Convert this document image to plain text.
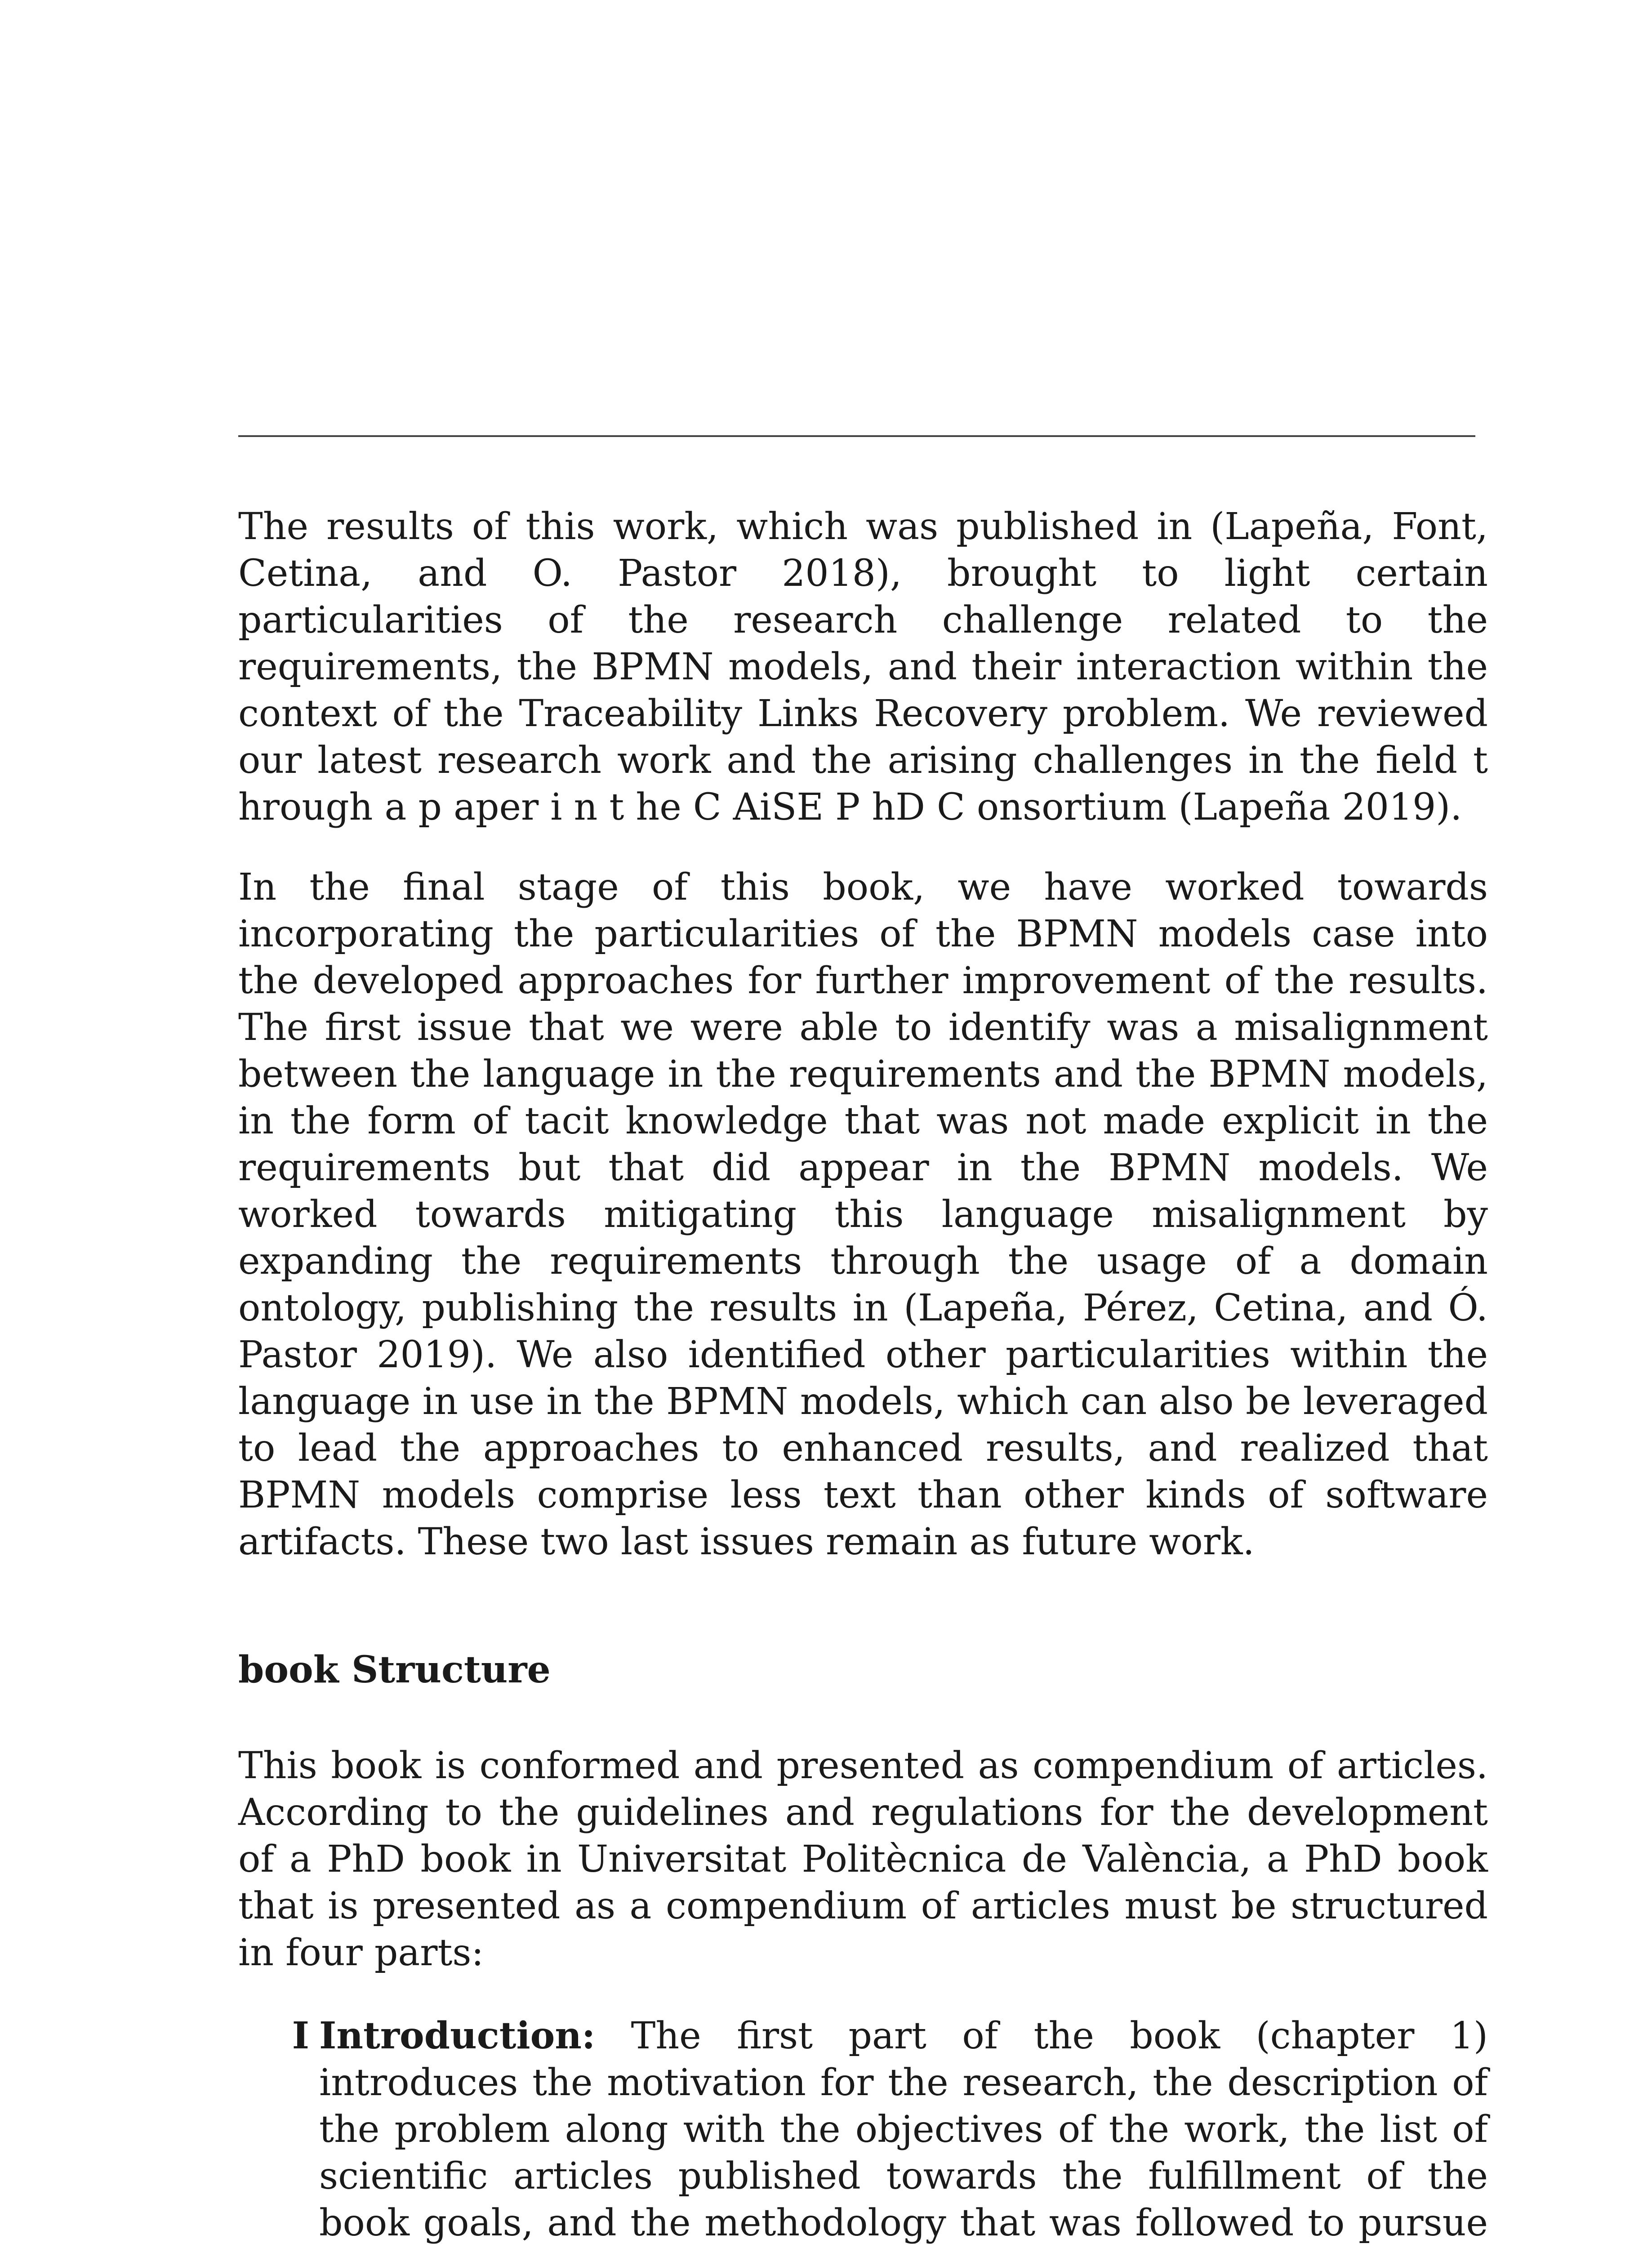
The results of this work, which was published in (Lapeña, Font, Cetina, and O. Pastor 2018), brought to light certain particularities of the research challenge related to the requirements, the BPMN models, and their interaction within the context of the Traceability Links Recovery problem. We reviewed our latest research work and the arising challenges in the field t hrough a p aper i n t he C AiSE P hD C onsortium (Lapeña 2019).

In the final stage of this book, we have worked towards incorporating the particularities of the BPMN models case into the developed approaches for further improvement of the results. The first issue that we were able to identify was a misalignment between the language in the requirements and the BPMN models, in the form of tacit knowledge that was not made explicit in the requirements but that did appear in the BPMN models. We worked towards mitigating this language misalignment by expanding the requirements through the usage of a domain ontology, publishing the results in (Lapeña, Pérez, Cetina, and Ó. Pastor 2019). We also identified other particularities within the language in use in the BPMN models, which can also be leveraged to lead the approaches to enhanced results, and realized that BPMN models comprise less text than other kinds of software artifacts. These two last issues remain as future work.

book Structure

This book is conformed and presented as compendium of articles. According to the guidelines and regulations for the development of a PhD book in Universitat Politècnica de València, a PhD book that is presented as a compendium of articles must be structured in four parts:

I Introduction: The first part of the book (chapter 1) introduces the motivation for the research, the description of the problem along with the objectives of the work, the list of scientific articles published towards the fulfillment of the book goals, and the methodology that was followed to pursue
